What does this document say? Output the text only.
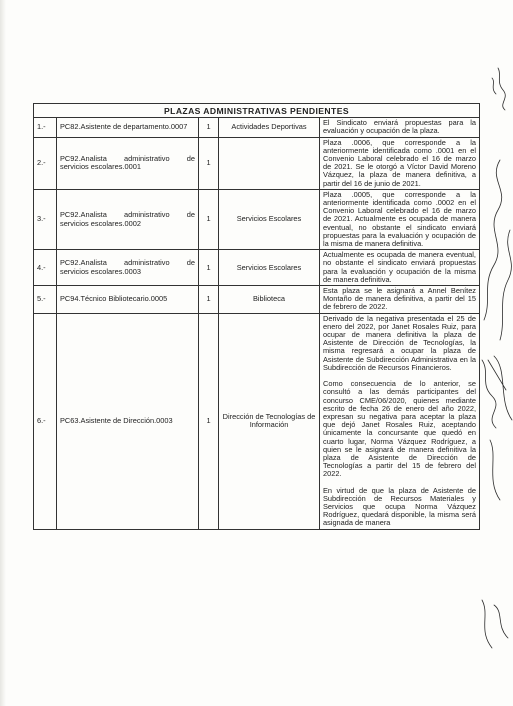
PLAZAS ADMINISTRATIVAS PENDIENTES				
1.-	PC82.Asistente de departamento.0007	1	Actividades Deportivas	El Sindicato enviará propuestas para la evaluación y ocupación de la plaza.

2.-	PC92.Analista administrativo de servicios escolares.0001	1		Plaza .0006, que corresponde a la anteriormente identificada como .0001 en el Convenio Laboral celebrado el 16 de marzo de 2021. Se le otorgó a Víctor David Moreno Vázquez, la plaza de manera definitiva, a partir del 16 de junio de 2021.

3.-	PC92.Analista administrativo de servicios escolares.0002	1	Servicios Escolares	Plaza .0005, que corresponde a la anteriormente identificada como .0002 en el Convenio Laboral celebrado el 16 de marzo de 2021. Actualmente es ocupada de manera eventual, no obstante el sindicato enviará propuestas para la evaluación y ocupación de la misma de manera definitiva.

4.-	PC92.Analista administrativo de servicios escolares.0003	1	Servicios Escolares	Actualmente es ocupada de manera eventual, no obstante el sindicato enviará propuestas para la evaluación y ocupación de la misma de manera definitiva.

5.-	PC94.Técnico Bibliotecario.0005	1	Biblioteca	Esta plaza se le asignará a Annel Benítez Montaño de manera definitiva, a partir del 15 de febrero de 2022.

6.-	PC63.Asistente de Dirección.0003	1	Dirección de Tecnologías de Información	Derivado de la negativa presentada el 25 de enero del 2022, por Janet Rosales Ruiz, para ocupar de manera definitiva la plaza de Asistente de Dirección de Tecnologías, la misma regresará a ocupar la plaza de Asistente de Subdirección Administrativa en la Subdirección de Recursos Financieros.

Como consecuencia de lo anterior, se consultó a las demás participantes del concurso CME/06/2020, quienes mediante escrito de fecha 26 de enero del año 2022, expresan su negativa para aceptar la plaza que dejó Janet Rosales Ruiz, aceptando únicamente la concursante que quedó en cuarto lugar, Norma Vázquez Rodríguez, a quien se le asignará de manera definitiva la plaza de Asistente de Dirección de Tecnologías a partir del 15 de febrero del 2022.

En virtud de que la plaza de Asistente de Subdirección de Recursos Materiales y Servicios que ocupa Norma Vázquez Rodríguez, quedará disponible, la misma será asignada de manera
